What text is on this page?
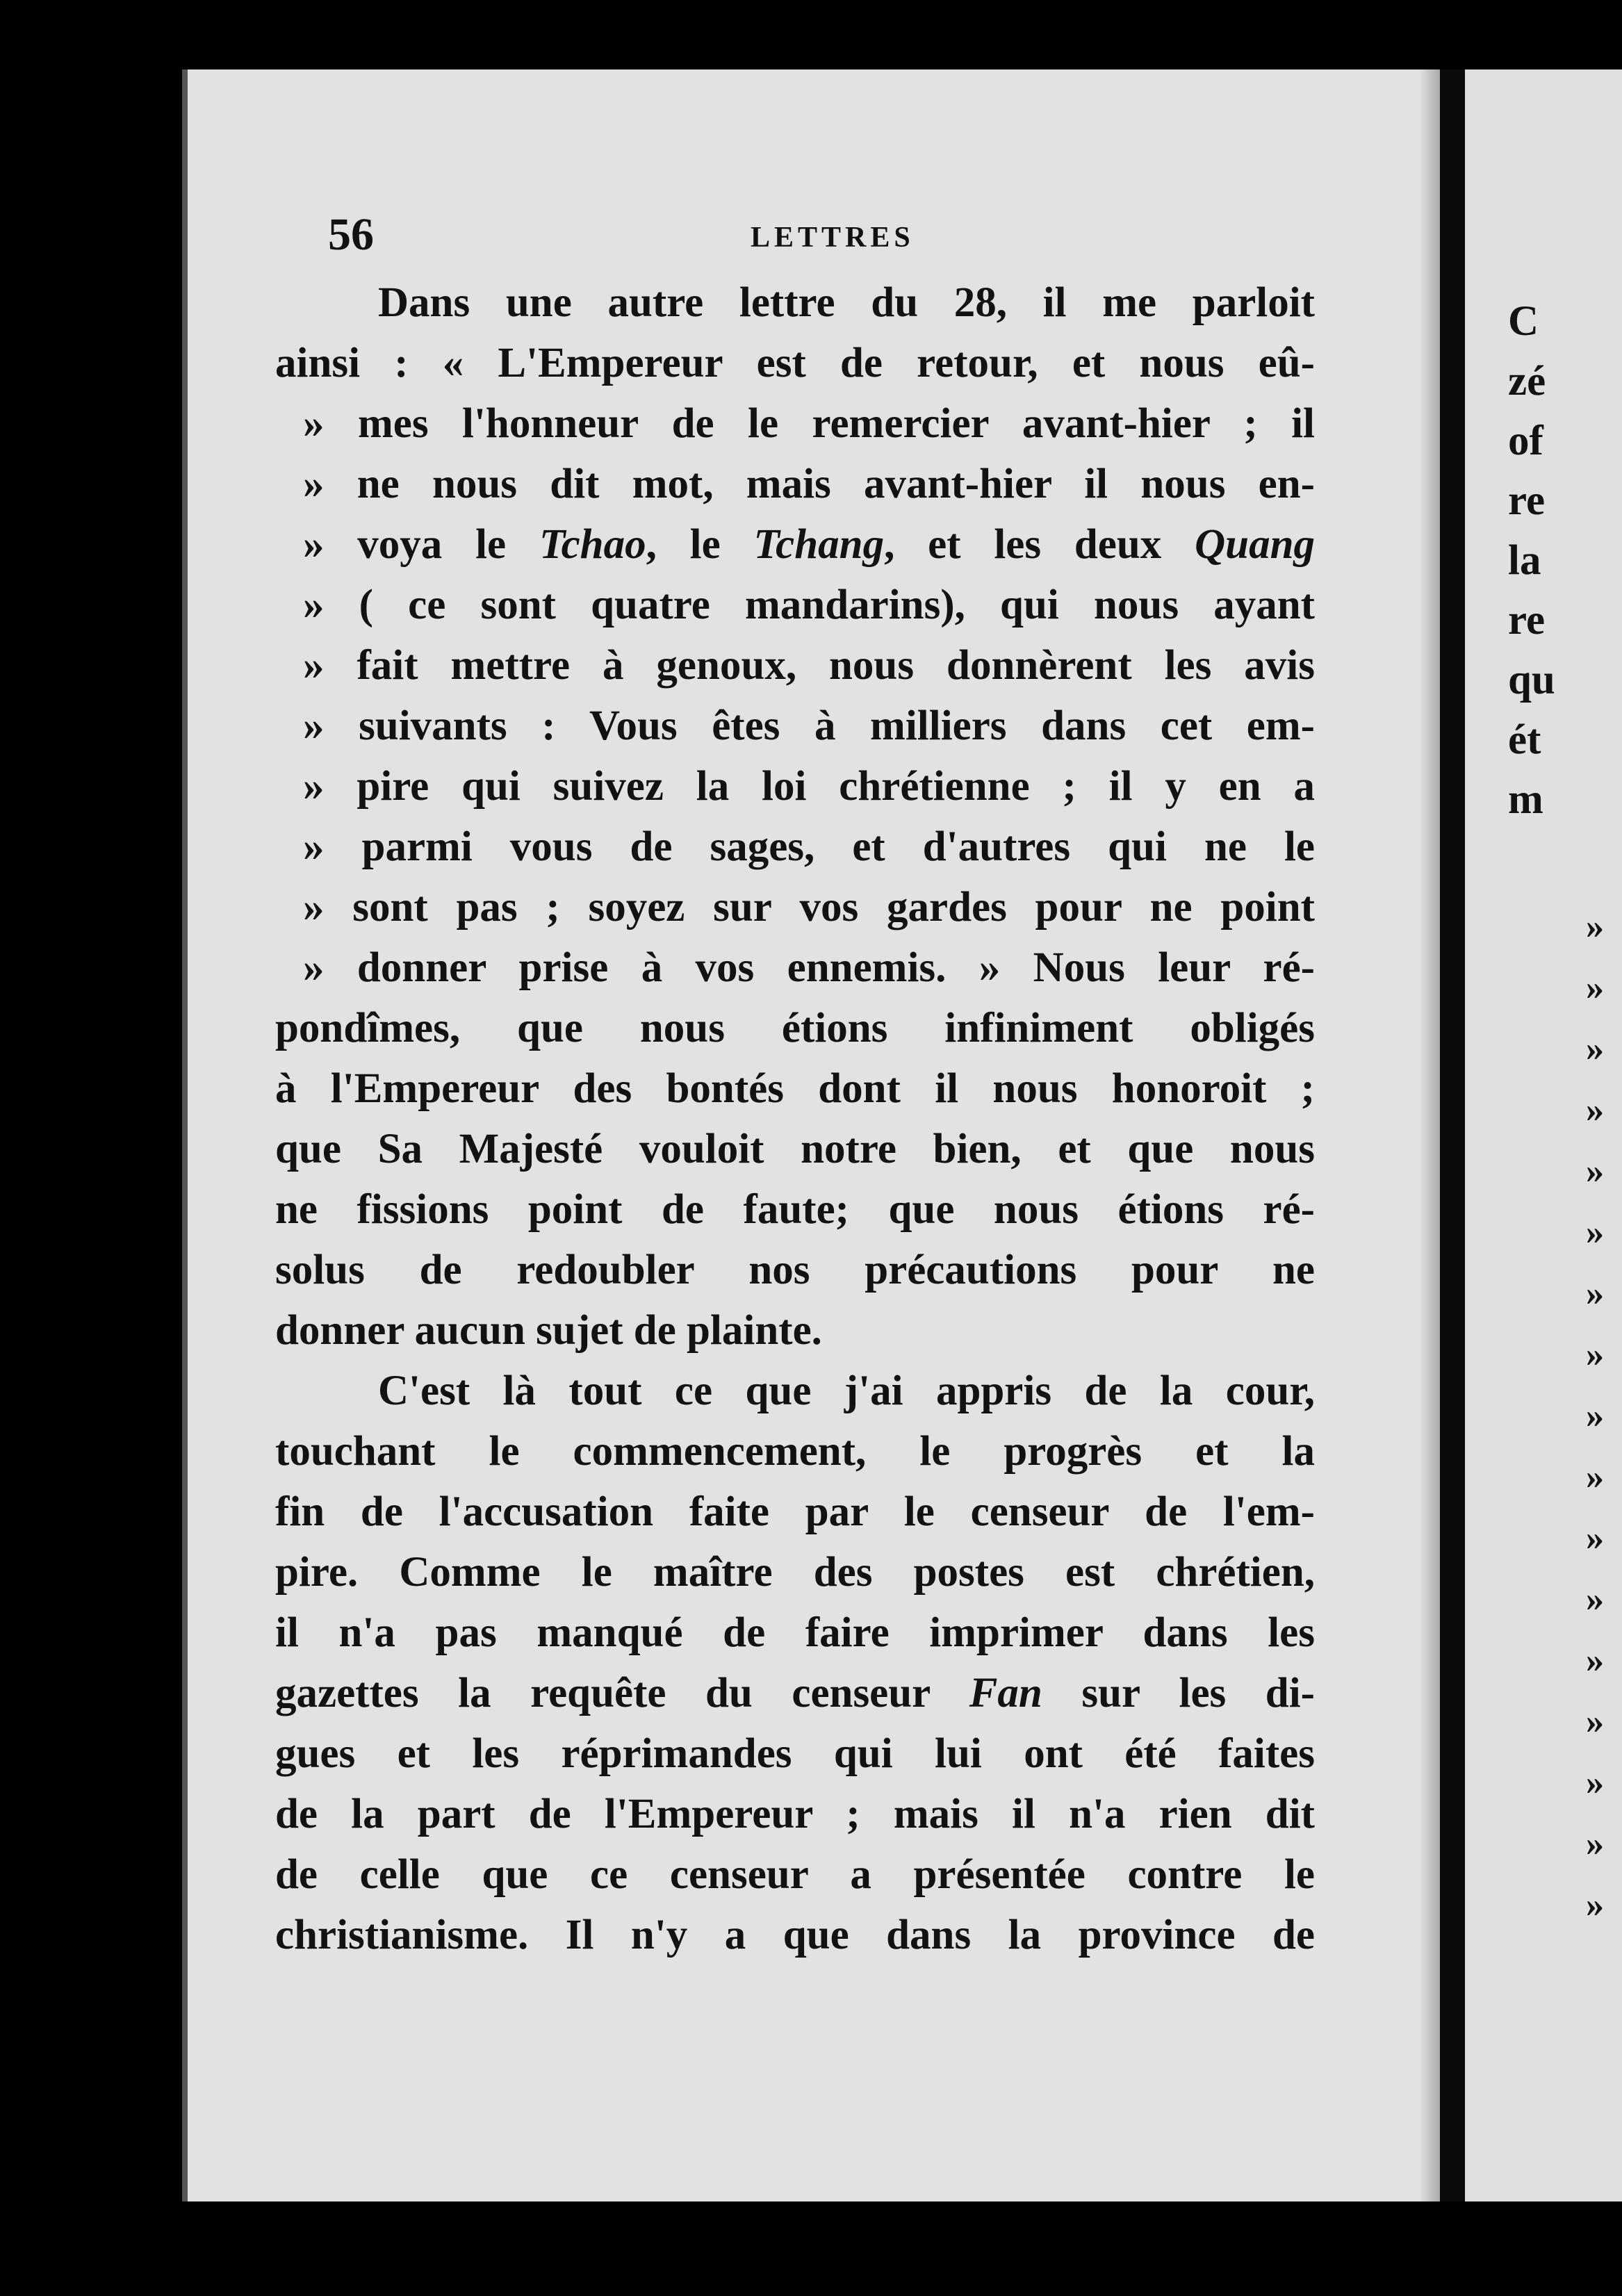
56	LETTRES

Dans une autre lettre du 28, il me parloit
ainsi : « L'Empereur est de retour, et nous eû-
» mes l'honneur de le remercier avant-hier ; il
» ne nous dit mot, mais avant-hier il nous en-
» voya le Tchao, le Tchang, et les deux Quang
» ( ce sont quatre mandarins), qui nous ayant
» fait mettre à genoux, nous donnèrent les avis
» suivants : Vous êtes à milliers dans cet em-
» pire qui suivez la loi chrétienne ; il y en a
» parmi vous de sages, et d'autres qui ne le
» sont pas ; soyez sur vos gardes pour ne point
» donner prise à vos ennemis. » Nous leur ré-
pondîmes, que nous étions infiniment obligés
à l'Empereur des bontés dont il nous honoroit ;
que Sa Majesté vouloit notre bien, et que nous
ne fissions point de faute; que nous étions ré-
solus de redoubler nos précautions pour ne
donner aucun sujet de plainte.
C'est là tout ce que j'ai appris de la cour,
touchant le commencement, le progrès et la
fin de l'accusation faite par le censeur de l'em-
pire. Comme le maître des postes est chrétien,
il n'a pas manqué de faire imprimer dans les
gazettes la requête du censeur Fan sur les di-
gues et les réprimandes qui lui ont été faites
de la part de l'Empereur ; mais il n'a rien dit
de celle que ce censeur a présentée contre le
christianisme. Il n'y a que dans la province de
C
zé
of
re
la
re
qu
ét
m
»
»
»
»
»
»
»
»
»
»
»
»
»
»
»
»
»
